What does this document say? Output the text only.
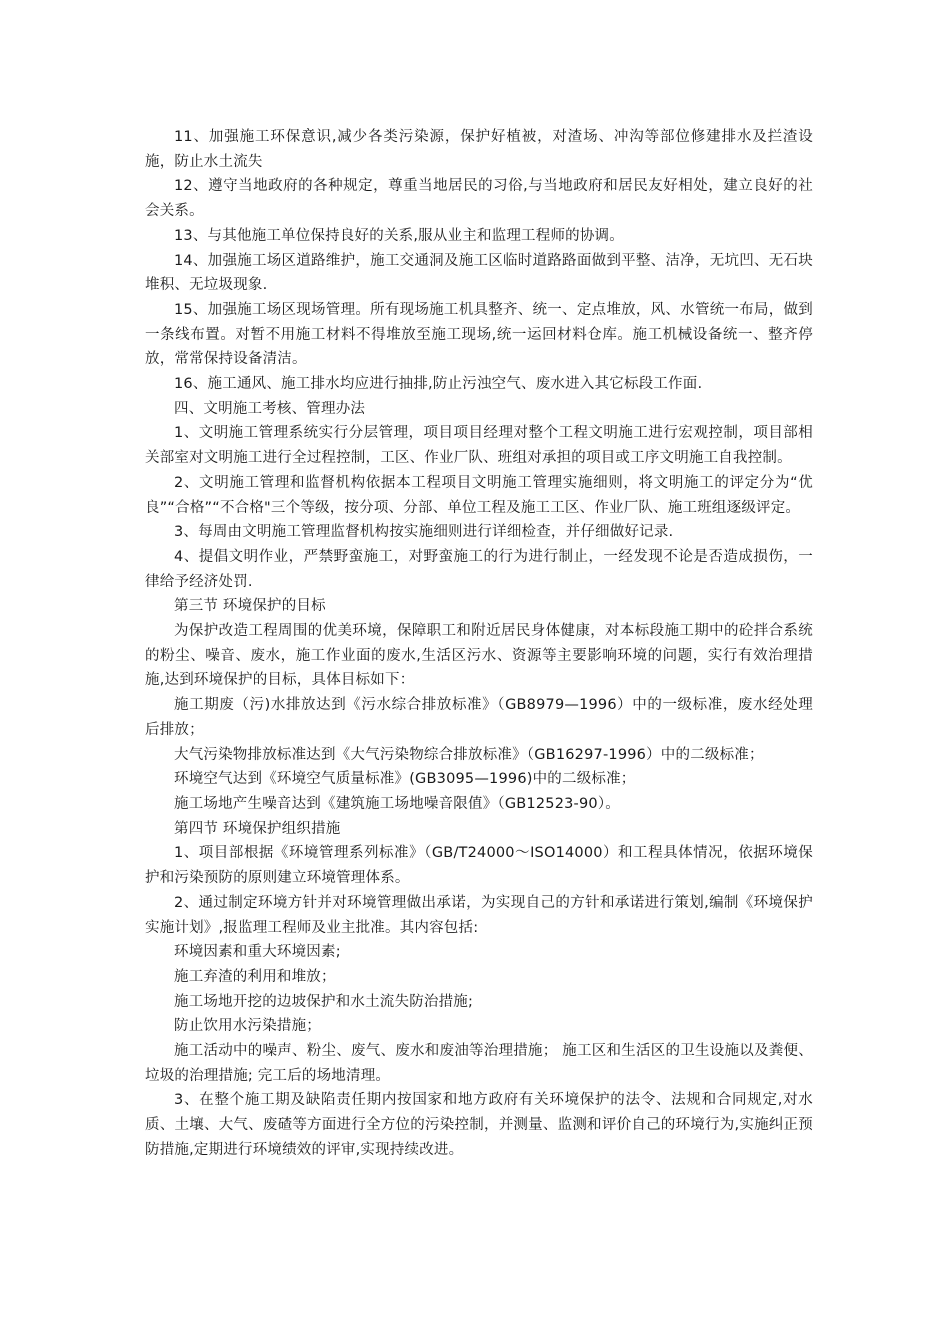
11、加强施工环保意识,减少各类污染源，保护好植被，对渣场、冲沟等部位修建排水及拦渣设施，防止水土流失

12、遵守当地政府的各种规定，尊重当地居民的习俗,与当地政府和居民友好相处，建立良好的社会关系。

13、与其他施工单位保持良好的关系,服从业主和监理工程师的协调。

14、加强施工场区道路维护，施工交通洞及施工区临时道路路面做到平整、洁净，无坑凹、无石块堆积、无垃圾现象.

15、加强施工场区现场管理。所有现场施工机具整齐、统一、定点堆放，风、水管统一布局，做到一条线布置。对暂不用施工材料不得堆放至施工现场,统一运回材料仓库。施工机械设备统一、整齐停放，常常保持设备清洁。

16、施工通风、施工排水均应进行抽排,防止污浊空气、废水进入其它标段工作面.

四、文明施工考核、管理办法

1、文明施工管理系统实行分层管理，项目项目经理对整个工程文明施工进行宏观控制，项目部相关部室对文明施工进行全过程控制，工区、作业厂队、班组对承担的项目或工序文明施工自我控制。

2、文明施工管理和监督机构依据本工程项目文明施工管理实施细则，将文明施工的评定分为“优良”“合格”“不合格"三个等级，按分项、分部、单位工程及施工工区、作业厂队、施工班组逐级评定。

3、每周由文明施工管理监督机构按实施细则进行详细检查，并仔细做好记录.

4、提倡文明作业，严禁野蛮施工，对野蛮施工的行为进行制止，一经发现不论是否造成损伤，一律给予经济处罚.

第三节 环境保护的目标

为保护改造工程周围的优美环境，保障职工和附近居民身体健康，对本标段施工期中的砼拌合系统的粉尘、噪音、废水，施工作业面的废水,生活区污水、资源等主要影响环境的问题，实行有效治理措施,达到环境保护的目标，具体目标如下：

施工期废（污)水排放达到《污水综合排放标准》（GB8979—1996）中的一级标准，废水经处理后排放；

大气污染物排放标准达到《大气污染物综合排放标准》（GB16297-1996）中的二级标准；

环境空气达到《环境空气质量标准》(GB3095—1996)中的二级标准；

施工场地产生噪音达到《建筑施工场地噪音限值》（GB12523-90）。

第四节 环境保护组织措施

1、项目部根据《环境管理系列标准》（GB/T24000～ISO14000）和工程具体情况，依据环境保护和污染预防的原则建立环境管理体系。

2、通过制定环境方针并对环境管理做出承诺，为实现自己的方针和承诺进行策划,编制《环境保护实施计划》,报监理工程师及业主批准。其内容包括:

环境因素和重大环境因素;

施工弃渣的利用和堆放；

施工场地开挖的边坡保护和水土流失防治措施;

防止饮用水污染措施；

施工活动中的噪声、粉尘、废气、废水和废油等治理措施； 施工区和生活区的卫生设施以及粪便、垃圾的治理措施; 完工后的场地清理。

3、在整个施工期及缺陷责任期内按国家和地方政府有关环境保护的法令、法规和合同规定,对水质、土壤、大气、废碴等方面进行全方位的污染控制，并测量、监测和评价自己的环境行为,实施纠正预防措施,定期进行环境绩效的评审,实现持续改进。
